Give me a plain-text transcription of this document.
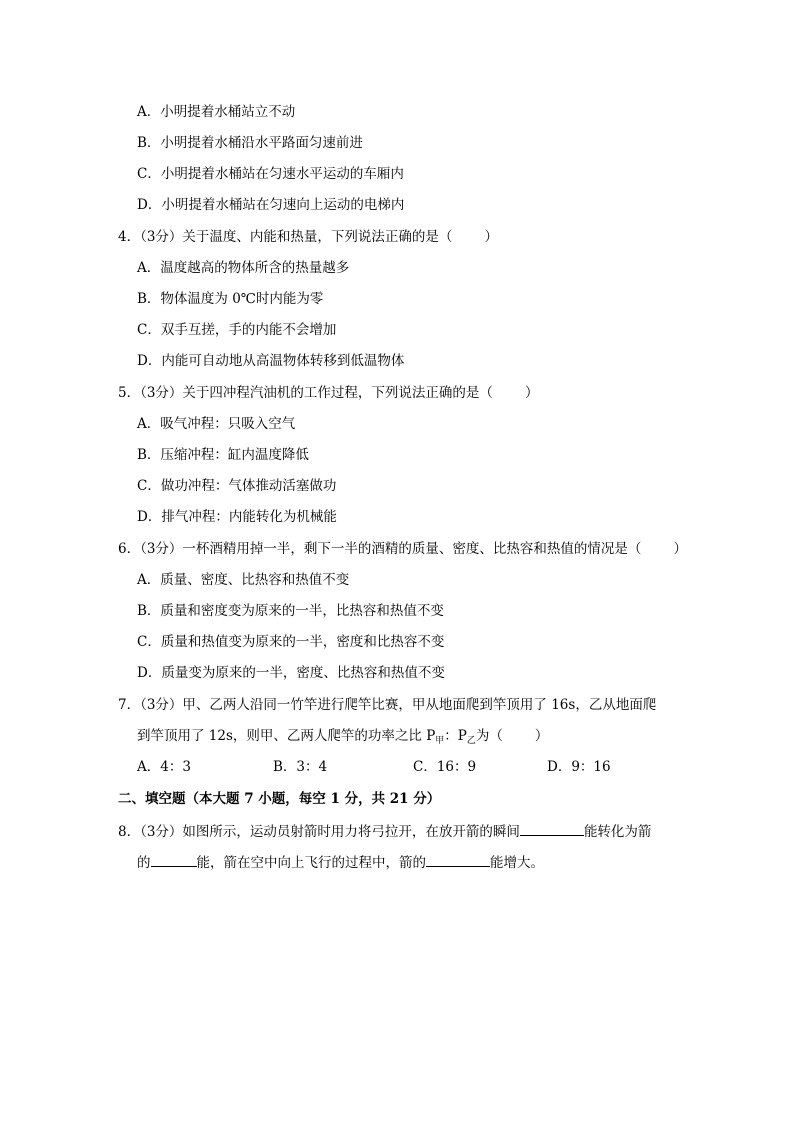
A．小明提着水桶站立不动
B．小明提着水桶沿水平路面匀速前进
C．小明提着水桶站在匀速水平运动的车厢内
D．小明提着水桶站在匀速向上运动的电梯内
4．（3分）关于温度、内能和热量，下列说法正确的是（ ）
A．温度越高的物体所含的热量越多
B．物体温度为 0℃时内能为零
C．双手互搓，手的内能不会增加
D．内能可自动地从高温物体转移到低温物体
5．（3分）关于四冲程汽油机的工作过程，下列说法正确的是（ ）
A．吸气冲程：只吸入空气
B．压缩冲程：缸内温度降低
C．做功冲程：气体推动活塞做功
D．排气冲程：内能转化为机械能
6．（3分）一杯酒精用掉一半，剩下一半的酒精的质量、密度、比热容和热值的情况是（ ）
A．质量、密度、比热容和热值不变
B．质量和密度变为原来的一半，比热容和热值不变
C．质量和热值变为原来的一半，密度和比热容不变
D．质量变为原来的一半，密度、比热容和热值不变
7．（3分）甲、乙两人沿同一竹竿进行爬竿比赛，甲从地面爬到竿顶用了 16s，乙从地面爬
到竿顶用了 12s，则甲、乙两人爬竿的功率之比 $P_甲$：$P_乙$为（ ）
A．4：3	B．3：4	C．16：9	D．9：16
二、填空题（本大题 7 小题，每空 1 分，共 21 分）
8．（3分）如图所示，运动员射箭时用力将弓拉开，在放开箭的瞬间	能转化为箭
的	能，箭在空中向上飞行的过程中，箭的	能增大。
